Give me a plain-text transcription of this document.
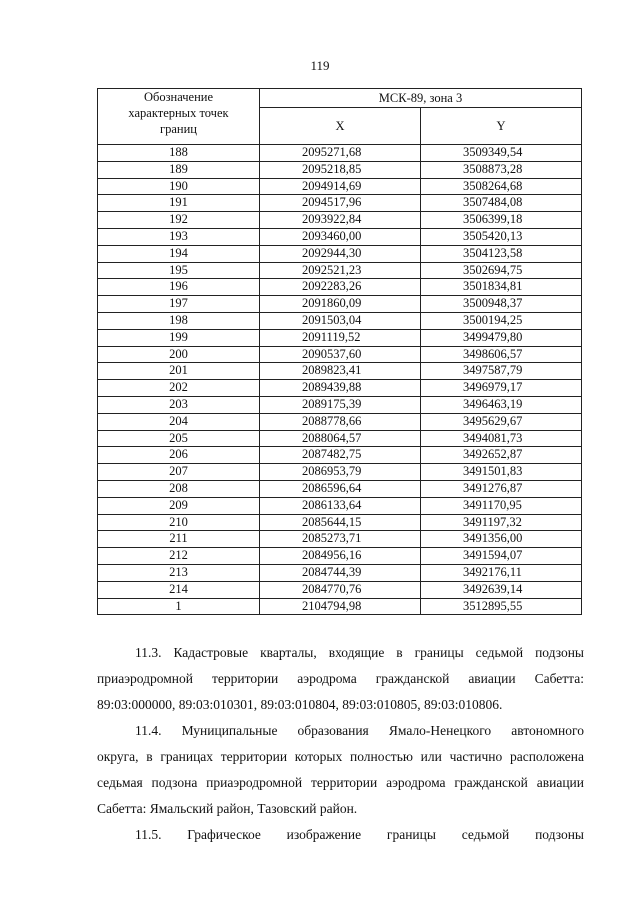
119
Обозначение
характерных точек
границ	МСК-89, зона 3	
	X	Y
188	2095271,68	3509349,54
189	2095218,85	3508873,28
190	2094914,69	3508264,68
191	2094517,96	3507484,08
192	2093922,84	3506399,18
193	2093460,00	3505420,13
194	2092944,30	3504123,58
195	2092521,23	3502694,75
196	2092283,26	3501834,81
197	2091860,09	3500948,37
198	2091503,04	3500194,25
199	2091119,52	3499479,80
200	2090537,60	3498606,57
201	2089823,41	3497587,79
202	2089439,88	3496979,17
203	2089175,39	3496463,19
204	2088778,66	3495629,67
205	2088064,57	3494081,73
206	2087482,75	3492652,87
207	2086953,79	3491501,83
208	2086596,64	3491276,87
209	2086133,64	3491170,95
210	2085644,15	3491197,32
211	2085273,71	3491356,00
212	2084956,16	3491594,07
213	2084744,39	3492176,11
214	2084770,76	3492639,14
1	2104794,98	3512895,55
11.3. Кадастровые кварталы, входящие в границы седьмой подзоны
приаэродромной территории аэродрома гражданской авиации Сабетта:
89:03:000000, 89:03:010301, 89:03:010804, 89:03:010805, 89:03:010806.
11.4. Муниципальные образования Ямало-Ненецкого автономного
округа, в границах территории которых полностью или частично расположена
седьмая подзона приаэродромной территории аэродрома гражданской авиации
Сабетта: Ямальский район, Тазовский район.
11.5. Графическое изображение границы седьмой подзоны
